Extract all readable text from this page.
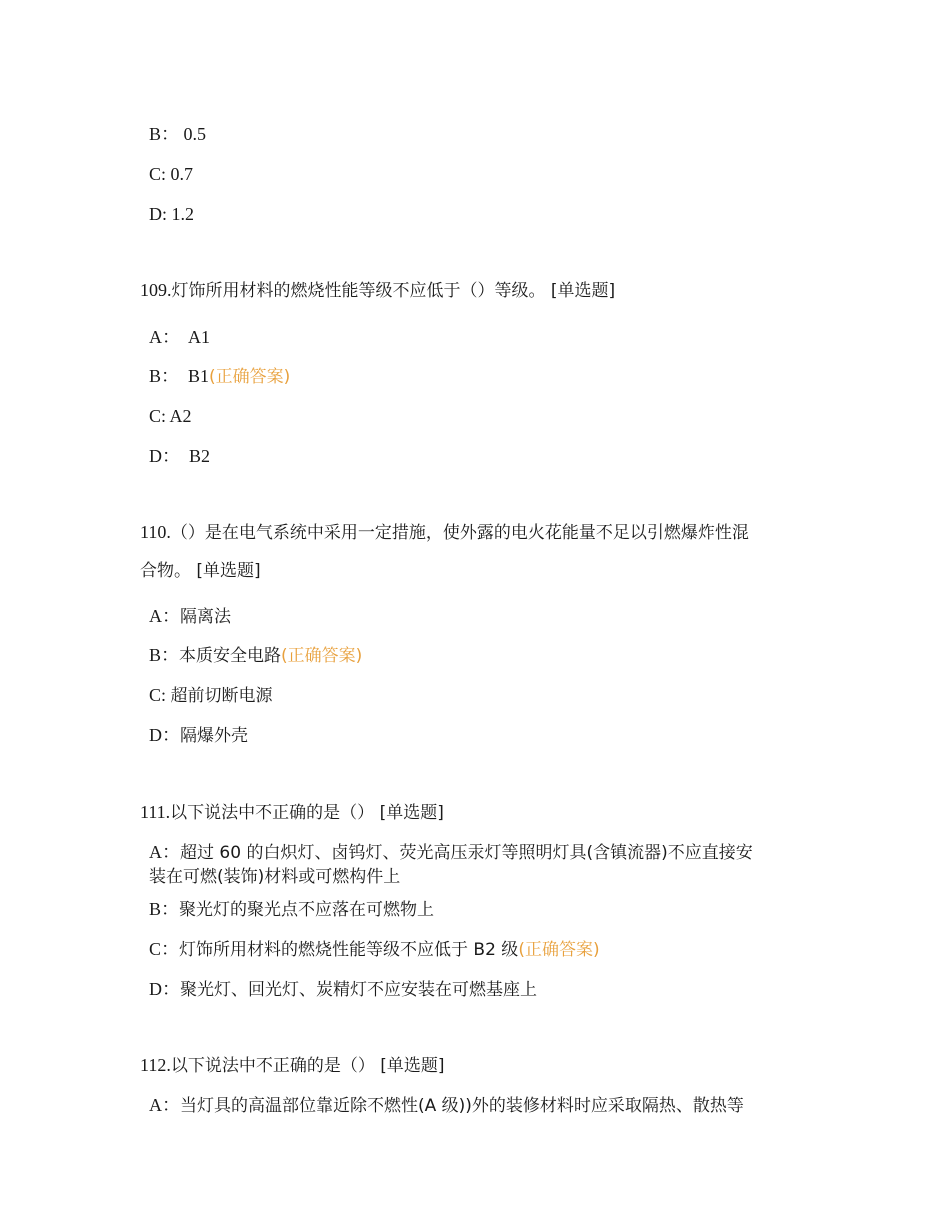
B： 0.5
C: 0.7
D: 1.2
109.灯饰所用材料的燃烧性能等级不应低于（）等级。 [单选题]
A：  A1
B：  B1(正确答案)
C: A2
D：  B2
110.（）是在电气系统中采用一定措施，使外露的电火花能量不足以引燃爆炸性混
合物。 [单选题]
A：隔离法
B：本质安全电路(正确答案)
C: 超前切断电源
D：隔爆外壳
111.以下说法中不正确的是（） [单选题]
A：超过 60 的白炽灯、卤钨灯、荧光高压汞灯等照明灯具(含镇流器)不应直接安
装在可燃(装饰)材料或可燃构件上
B：聚光灯的聚光点不应落在可燃物上
C：灯饰所用材料的燃烧性能等级不应低于 B2 级(正确答案)
D：聚光灯、回光灯、炭精灯不应安装在可燃基座上
112.以下说法中不正确的是（） [单选题]
A：当灯具的高温部位靠近除不燃性(A 级))外的装修材料时应采取隔热、散热等
